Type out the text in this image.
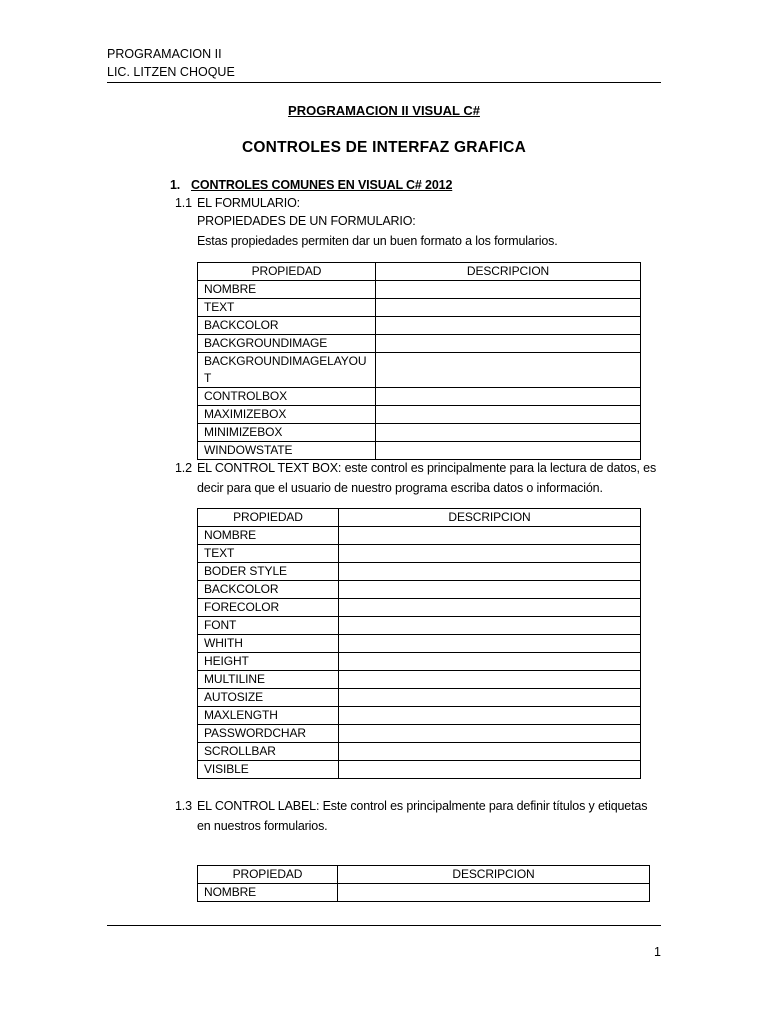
PROGRAMACION II
LIC. LITZEN CHOQUE
PROGRAMACION II VISUAL C#
CONTROLES DE INTERFAZ GRAFICA
1. CONTROLES COMUNES EN VISUAL C# 2012
1.1 EL FORMULARIO:
PROPIEDADES DE UN FORMULARIO:
Estas propiedades permiten dar un buen formato a los formularios.
PROPIEDAD	DESCRIPCION
NOMBRE	
TEXT	
BACKCOLOR	
BACKGROUNDIMAGE	
BACKGROUNDIMAGELAYOUT	
CONTROLBOX	
MAXIMIZEBOX	
MINIMIZEBOX	
WINDOWSTATE	
1.2 EL CONTROL TEXT BOX: este control es principalmente para la lectura de datos, es
decir para que el usuario de nuestro programa escriba datos o información.
PROPIEDAD	DESCRIPCION
NOMBRE	
TEXT	
BODER STYLE	
BACKCOLOR	
FORECOLOR	
FONT	
WHITH	
HEIGHT	
MULTILINE	
AUTOSIZE	
MAXLENGTH	
PASSWORDCHAR	
SCROLLBAR	
VISIBLE	
1.3 EL CONTROL LABEL: Este control es principalmente para definir títulos y etiquetas
en nuestros formularios.
PROPIEDAD	DESCRIPCION
NOMBRE	
1
